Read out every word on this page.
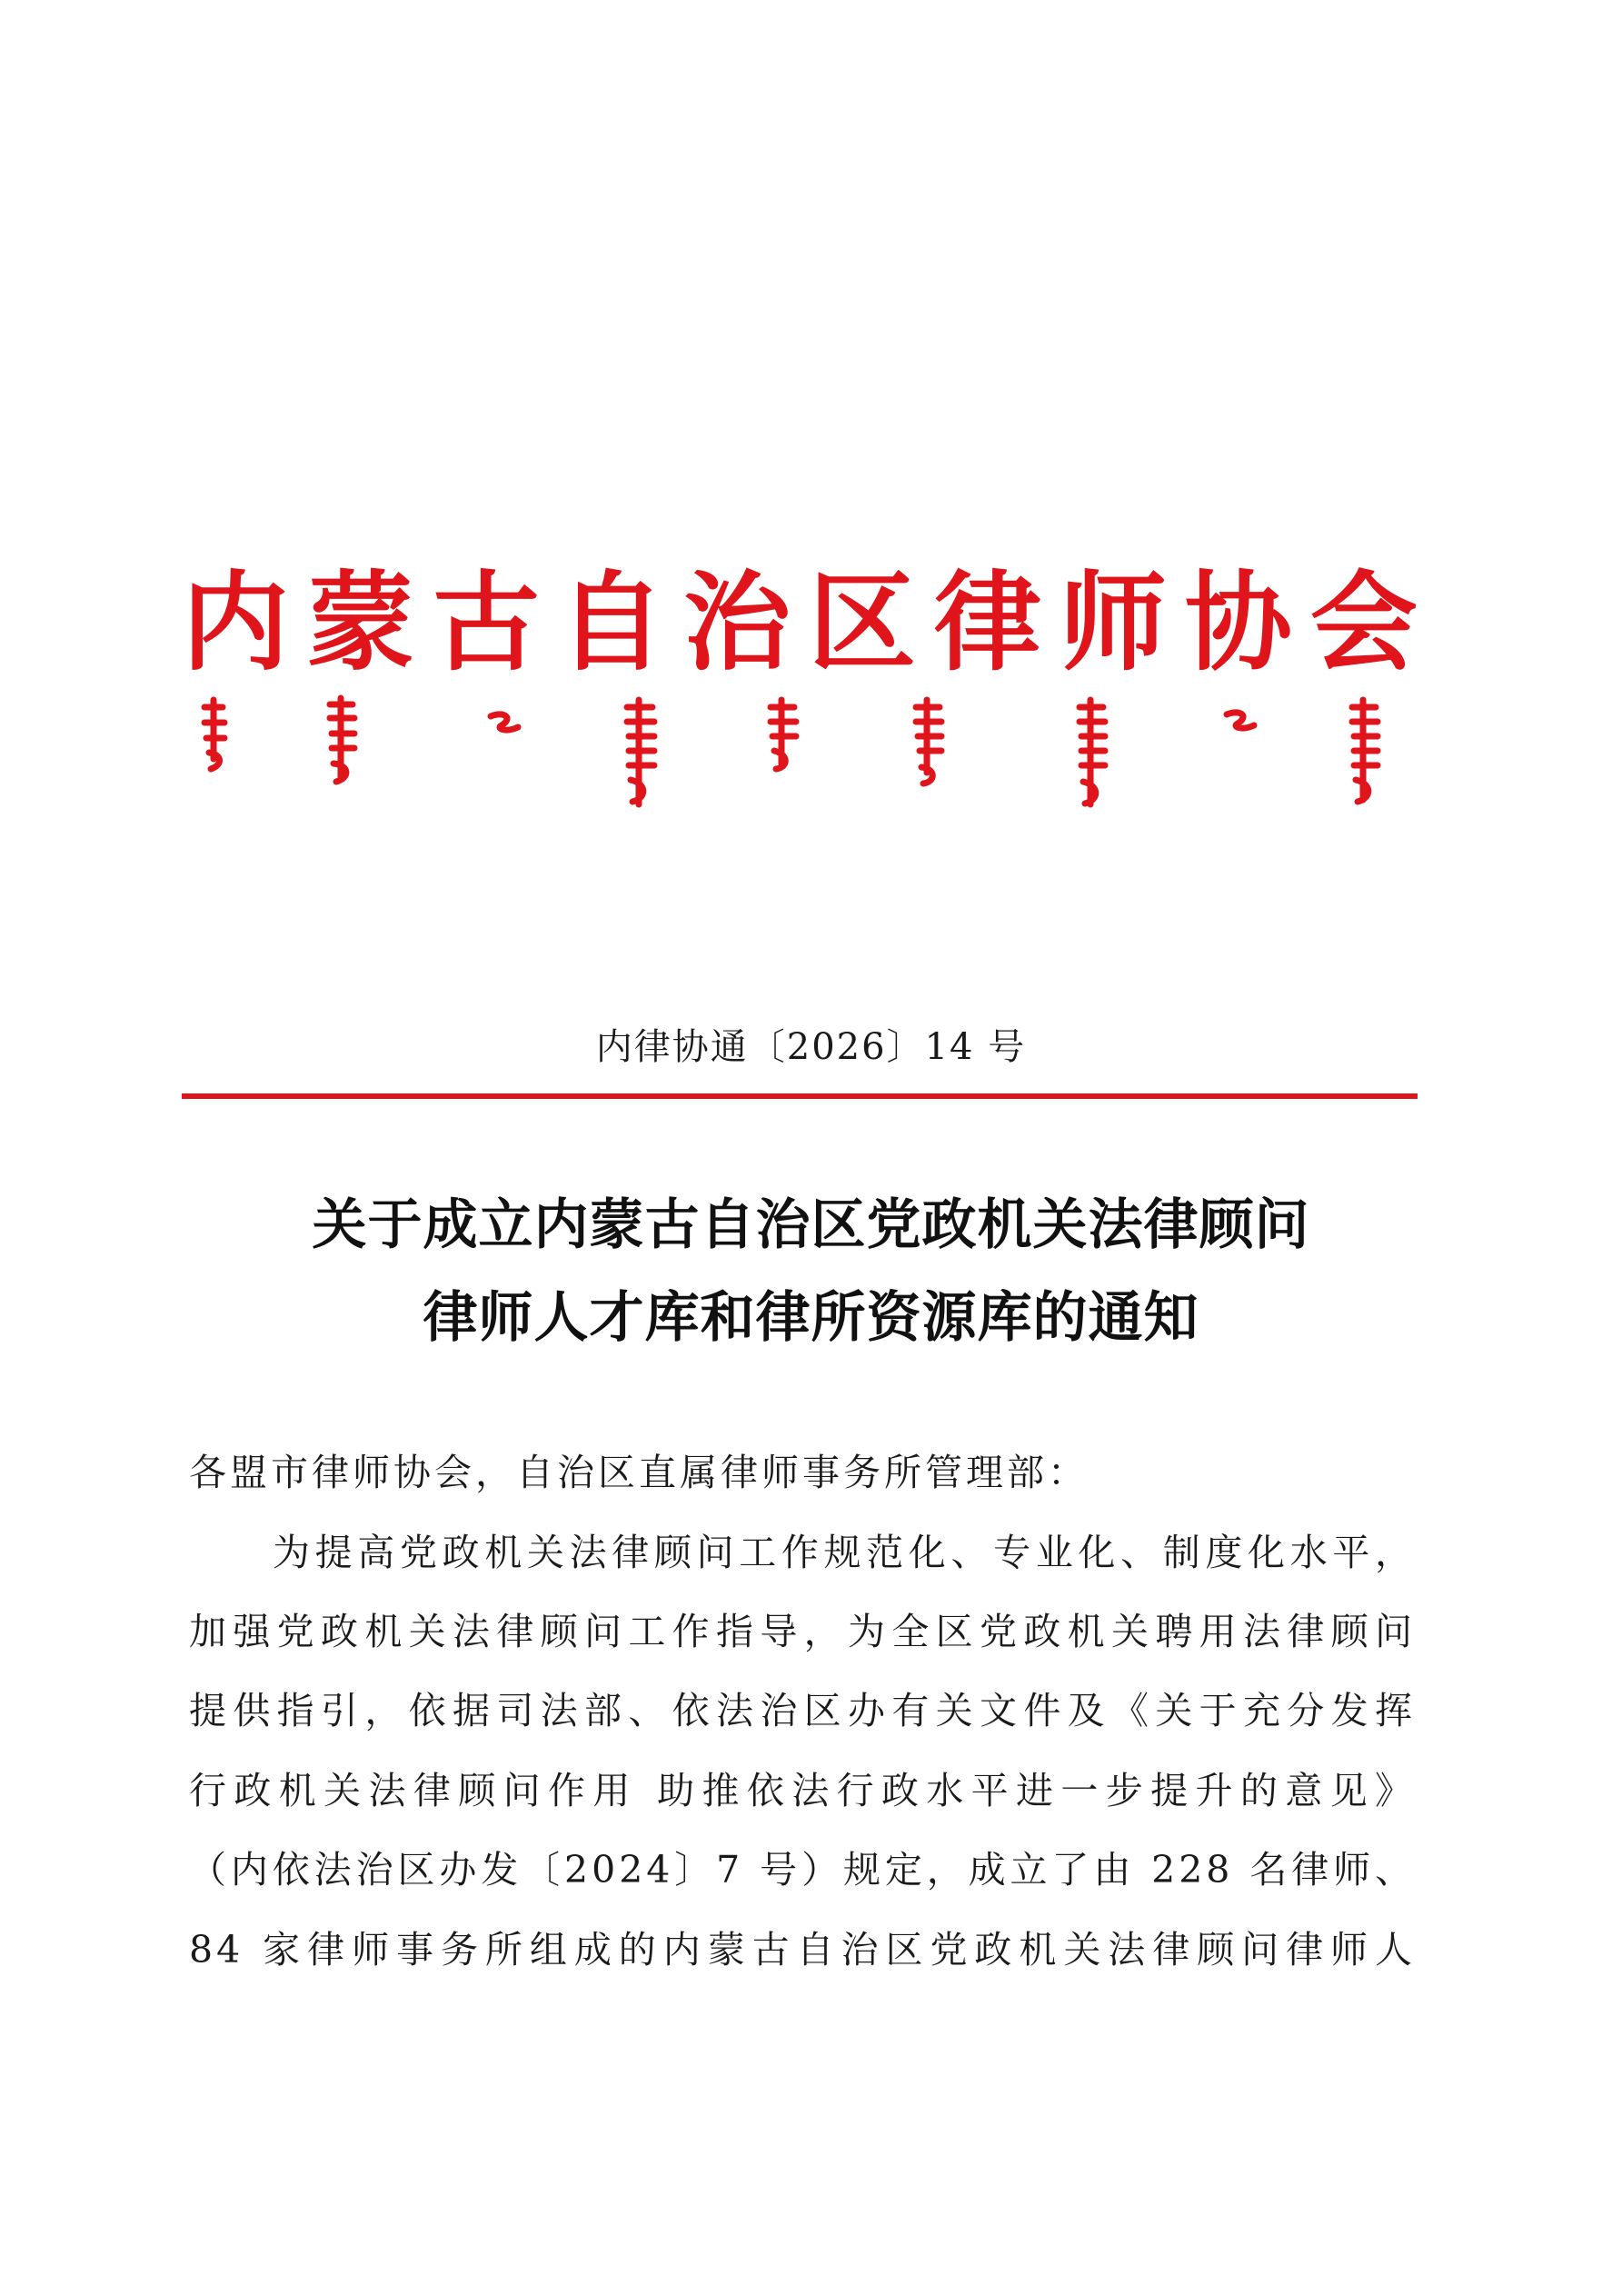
内 蒙 古 自 治 区 律 师 协 会
内律协通〔2026〕14 号
关于成立内蒙古自治区党政机关法律顾问
律师人才库和律所资源库的通知
各盟市律师协会，自治区直属律师事务所管理部：
为提高党政机关法律顾问工作规范化、专业化、制度化水平，
加强党政机关法律顾问工作指导，为全区党政机关聘用法律顾问
提供指引，依据司法部、依法治区办有关文件及《关于充分发挥
行政机关法律顾问作用 助推依法行政水平进一步提升的意见》
（内依法治区办发〔2024〕7 号）规定，成立了由 228 名律师、
84 家律师事务所组成的内蒙古自治区党政机关法律顾问律师人
